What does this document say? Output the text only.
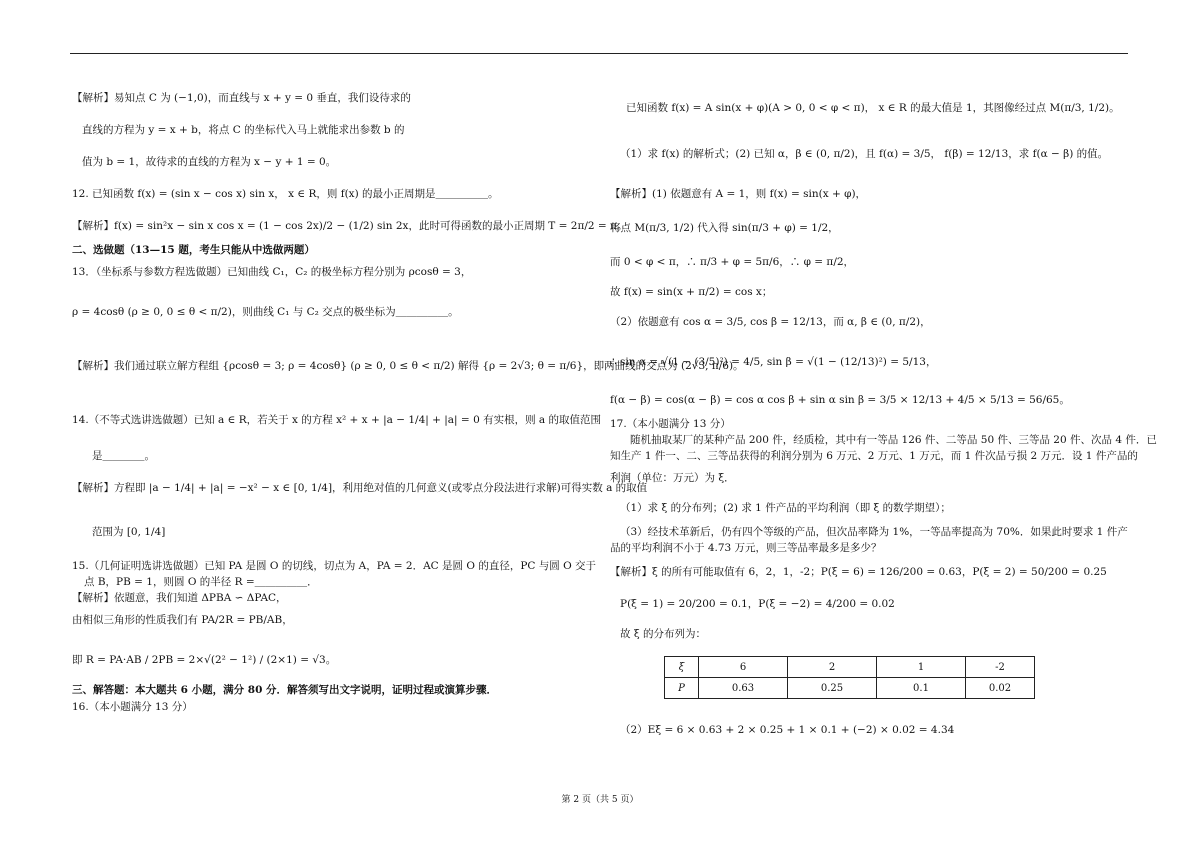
【解析】易知点 C 为 (−1,0)，而直线与 x + y = 0 垂直，我们设待求的
直线的方程为 y = x + b，将点 C 的坐标代入马上就能求出参数 b 的
值为 b = 1，故待求的直线的方程为 x − y + 1 = 0。
12. 已知函数 f(x) = (sin x − cos x) sin x， x ∈ R，则 f(x) 的最小正周期是＿＿＿＿＿。
【解析】f(x) = sin²x − sin x cos x = (1 − cos 2x)/2 − (1/2) sin 2x，此时可得函数的最小正周期 T = 2π/2 = π。
二、选做题（13—15 题，考生只能从中选做两题）
13．（坐标系与参数方程选做题）已知曲线 C₁，C₂ 的极坐标方程分别为 ρcosθ = 3，
ρ = 4cosθ (ρ ≥ 0, 0 ≤ θ < π/2)，则曲线 C₁ 与 C₂ 交点的极坐标为＿＿＿＿＿。
【解析】我们通过联立解方程组 {ρcosθ = 3; ρ = 4cosθ} (ρ ≥ 0, 0 ≤ θ < π/2) 解得 {ρ = 2√3; θ = π/6}，即两曲线的交点为 (2√3, π/6)。
14.（不等式选讲选做题）已知 a ∈ R，若关于 x 的方程 x² + x + |a − 1/4| + |a| = 0 有实根，则 a 的取值范围
是＿＿＿＿。
【解析】方程即 |a − 1/4| + |a| = −x² − x ∈ [0, 1/4]，利用绝对值的几何意义(或零点分段法进行求解)可得实数 a 的取值
范围为 [0, 1/4]
15.（几何证明选讲选做题）已知 PA 是圆 O 的切线，切点为 A，PA = 2．AC 是圆 O 的直径，PC 与圆 O 交于
点 B，PB = 1，则圆 O 的半径 R =＿＿＿＿＿．
【解析】依题意，我们知道 ΔPBA ∽ ΔPAC，
由相似三角形的性质我们有 PA/2R = PB/AB，
即 R = PA·AB / 2PB = 2×√(2² − 1²) / (2×1) = √3。
三、解答题：本大题共 6 小题，满分 80 分．解答须写出文字说明，证明过程或演算步骤．
16.（本小题满分 13 分）
ξ	6	2	1	-2
P	0.63	0.25	0.1	0.02
已知函数 f(x) = A sin(x + φ)(A > 0, 0 < φ < π)， x ∈ R 的最大值是 1，其图像经过点 M(π/3, 1/2)。
（1）求 f(x) 的解析式；(2) 已知 α，β ∈ (0, π/2)，且 f(α) = 3/5， f(β) = 12/13，求 f(α − β) 的值。
【解析】(1) 依题意有 A = 1，则 f(x) = sin(x + φ)，
将点 M(π/3, 1/2) 代入得 sin(π/3 + φ) = 1/2，
而 0 < φ < π，∴ π/3 + φ = 5π/6，∴ φ = π/2，
故 f(x) = sin(x + π/2) = cos x；
（2）依题意有 cos α = 3/5, cos β = 12/13，而 α, β ∈ (0, π/2)，
∴ sin α = √(1 − (3/5)²) = 4/5, sin β = √(1 − (12/13)²) = 5/13，
f(α − β) = cos(α − β) = cos α cos β + sin α sin β = 3/5 × 12/13 + 4/5 × 5/13 = 56/65。
17.（本小题满分 13 分）
随机抽取某厂的某种产品 200 件，经质检，其中有一等品 126 件、二等品 50 件、三等品 20 件、次品 4 件．已
知生产 1 件一、二、三等品获得的利润分别为 6 万元、2 万元、1 万元，而 1 件次品亏损 2 万元．设 1 件产品的
利润（单位：万元）为 ξ．
（1）求 ξ 的分布列；(2) 求 1 件产品的平均利润（即 ξ 的数学期望）；
（3）经技术革新后，仍有四个等级的产品，但次品率降为 1%，一等品率提高为 70%．如果此时要求 1 件产
品的平均利润不小于 4.73 万元，则三等品率最多是多少？
【解析】ξ 的所有可能取值有 6，2，1，-2；P(ξ = 6) = 126/200 = 0.63，P(ξ = 2) = 50/200 = 0.25
P(ξ = 1) = 20/200 = 0.1，P(ξ = −2) = 4/200 = 0.02
故 ξ 的分布列为：
（2）Eξ = 6 × 0.63 + 2 × 0.25 + 1 × 0.1 + (−2) × 0.02 = 4.34
第 2 页（共 5 页）
